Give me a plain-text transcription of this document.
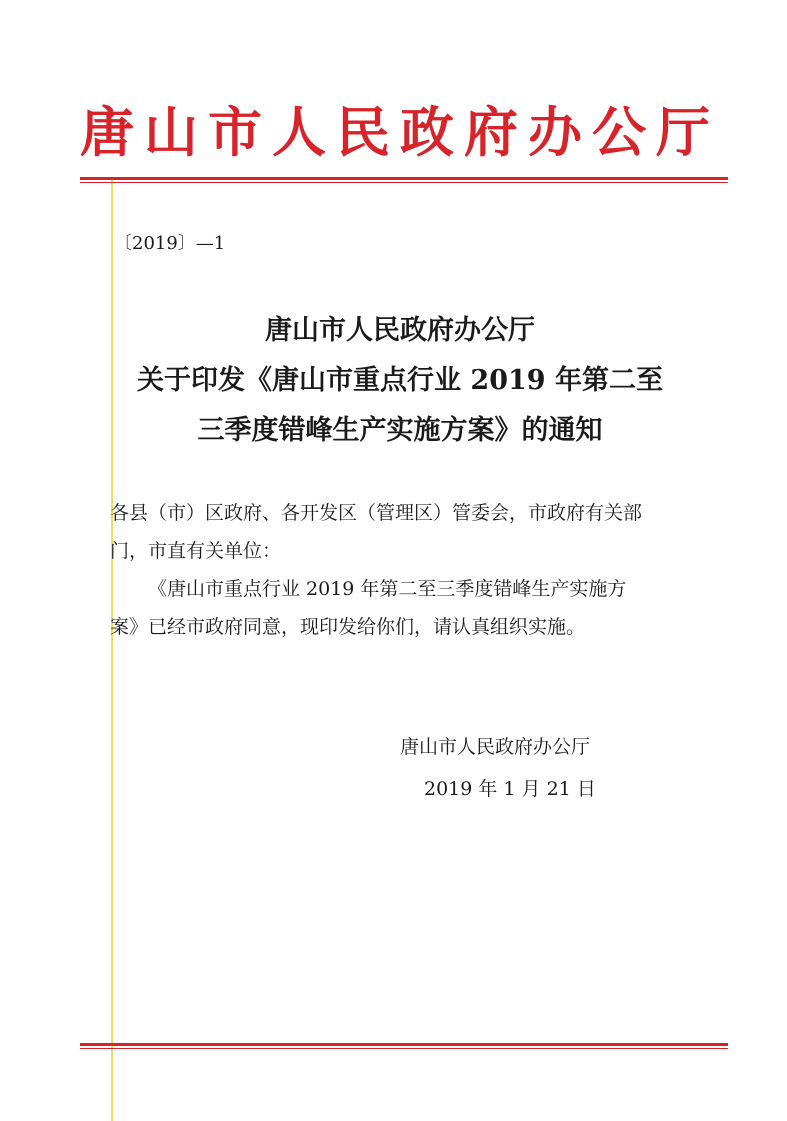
唐山市人民政府办公厅
〔2019〕—1
唐山市人民政府办公厅
关于印发《唐山市重点行业 2019 年第二至
三季度错峰生产实施方案》的通知

各县（市）区政府、各开发区（管理区）管委会，市政府有关部

门，市直有关单位：

《唐山市重点行业 2019 年第二至三季度错峰生产实施方

案》已经市政府同意，现印发给你们，请认真组织实施。

唐山市人民政府办公厅
2019 年 1 月 21 日
